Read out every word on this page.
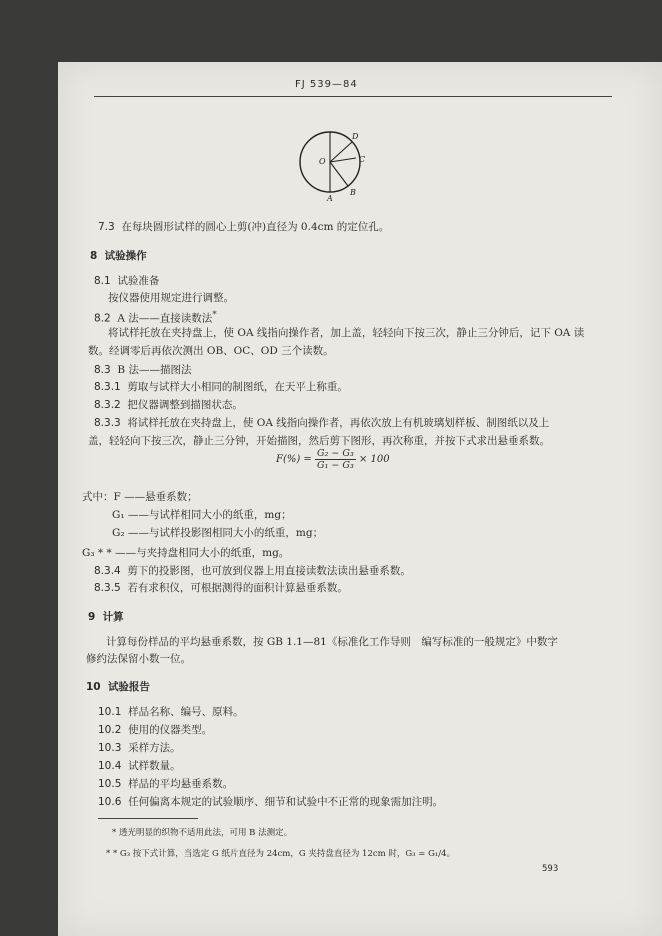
FJ 539—84
D
C
O
B
A
7.3 在每块圆形试样的圆心上剪(冲)直径为 0.4cm 的定位孔。
8 试验操作
8.1 试验准备
按仪器使用规定进行调整。
8.2 A 法——直接读数法*
将试样托放在夹持盘上，使 OA 线指向操作者，加上盖，轻轻向下按三次，静止三分钟后，记下 OA 读
数。经调零后再依次测出 OB、OC、OD 三个读数。
8.3 B 法——描图法
8.3.1 剪取与试样大小相同的制图纸，在天平上称重。
8.3.2 把仪器调整到描图状态。
8.3.3 将试样托放在夹持盘上，使 OA 线指向操作者，再依次放上有机玻璃划样板、制图纸以及上
盖，轻轻向下按三次，静止三分钟，开始描图，然后剪下图形，再次称重，并按下式求出悬垂系数。
$F(\%) = \frac{\text{G₂ − G₃}}{\text{G₁ − G₃}} \times 100$
式中：F ——悬垂系数；
G₁ ——与试样相同大小的纸重，mg；
G₂ ——与试样投影图相同大小的纸重，mg；
G₃ * * ——与夹持盘相同大小的纸重，mg。
8.3.4 剪下的投影图，也可放到仪器上用直接读数法读出悬垂系数。
8.3.5 若有求积仪，可根据测得的面积计算悬垂系数。
9 计算
计算每份样品的平均悬垂系数，按 GB 1.1—81《标准化工作导则　编写标准的一般规定》中数字
修约法保留小数一位。
10 试验报告
10.1 样品名称、编号、原料。
10.2 使用的仪器类型。
10.3 采样方法。
10.4 试样数量。
10.5 样品的平均悬垂系数。
10.6 任何偏离本规定的试验顺序、细节和试验中不正常的现象需加注明。
* 透光明显的织物不适用此法，可用 B 法测定。
* * G₃ 按下式计算，当选定 G 纸片直径为 24cm，G 夹持盘直径为 12cm 时，G₃ = G₁/4。
593
